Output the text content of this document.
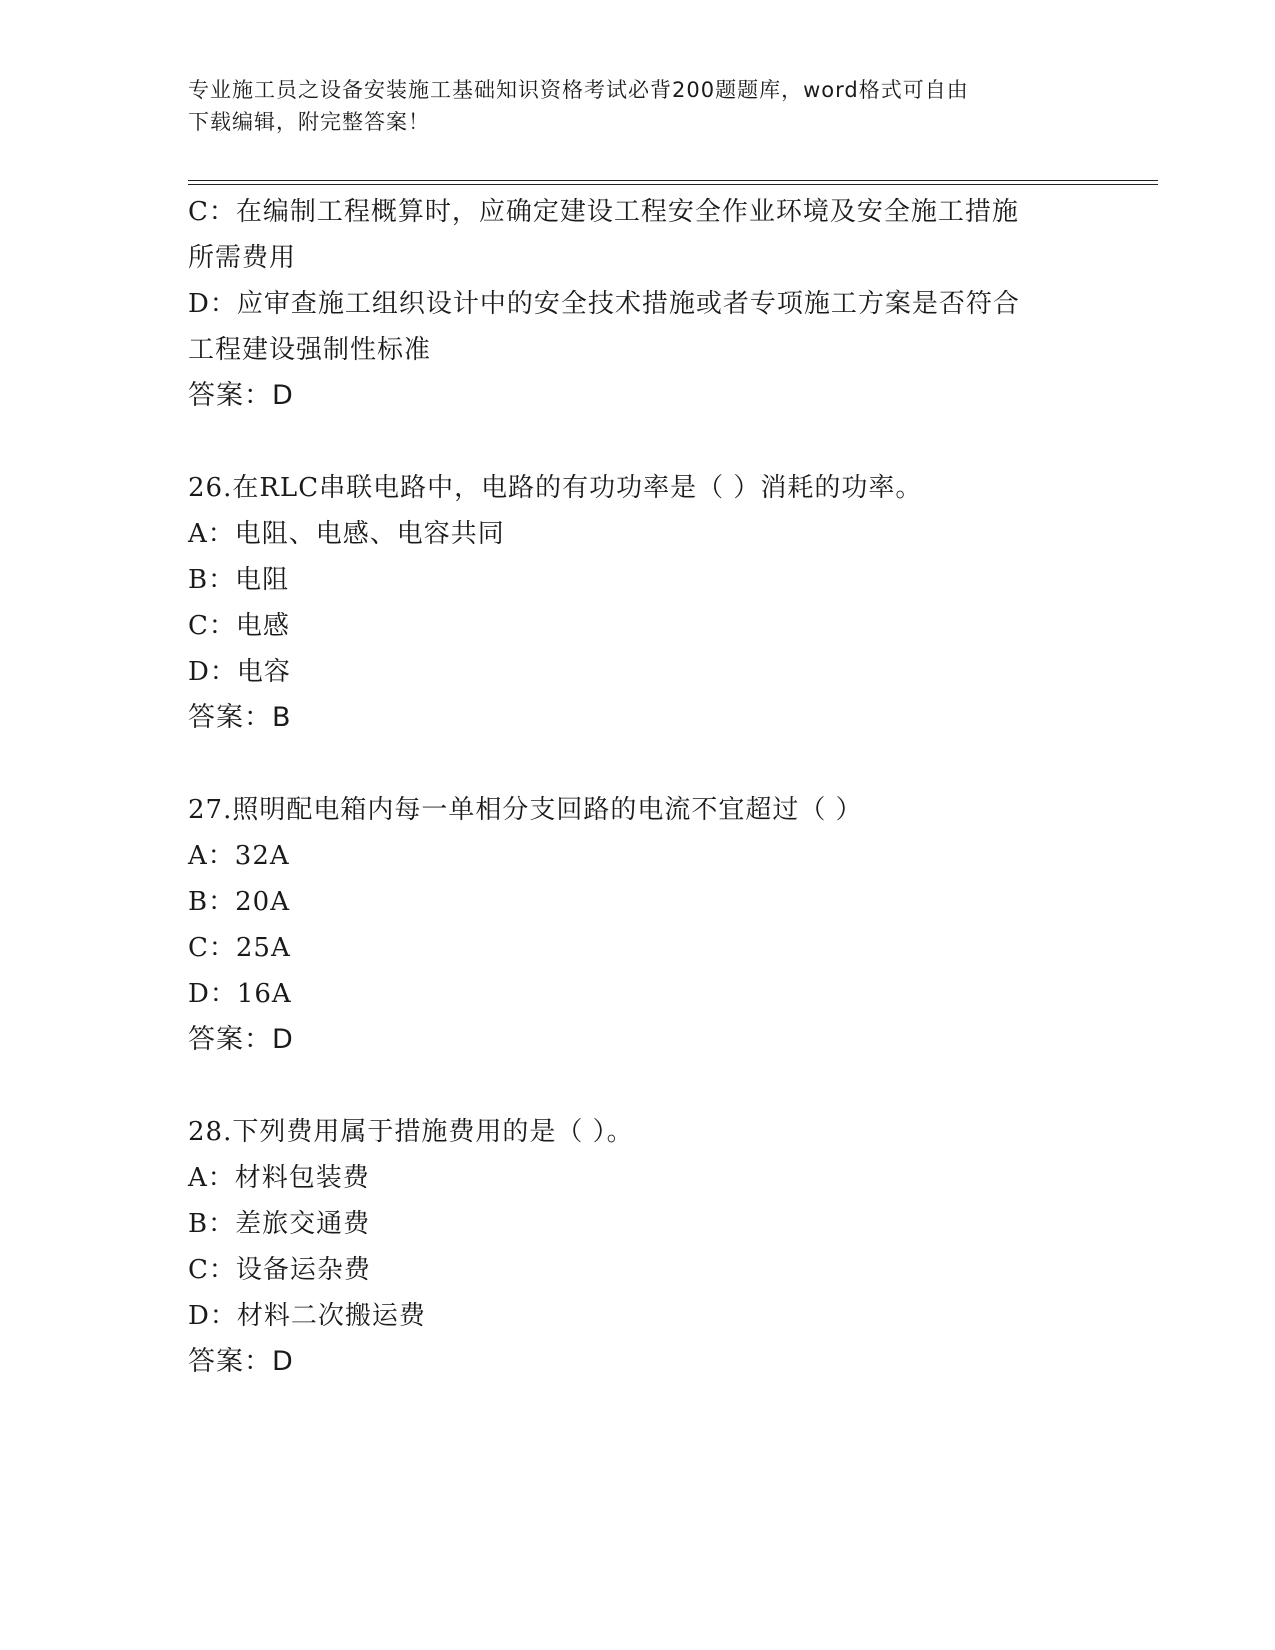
专业施工员之设备安装施工基础知识资格考试必背200题题库，word格式可自由
下载编辑，附完整答案！
C：在编制工程概算时，应确定建设工程安全作业环境及安全施工措施
所需费用
D：应审查施工组织设计中的安全技术措施或者专项施工方案是否符合
工程建设强制性标准
答案：D
26.在RLC串联电路中，电路的有功功率是（ ）消耗的功率。
A：电阻、电感、电容共同
B：电阻
C：电感
D：电容
答案：B
27.照明配电箱内每一单相分支回路的电流不宜超过（ ）
A：32A
B：20A
C：25A
D：16A
答案：D
28.下列费用属于措施费用的是（ ）。
A：材料包装费
B：差旅交通费
C：设备运杂费
D：材料二次搬运费
答案：D
